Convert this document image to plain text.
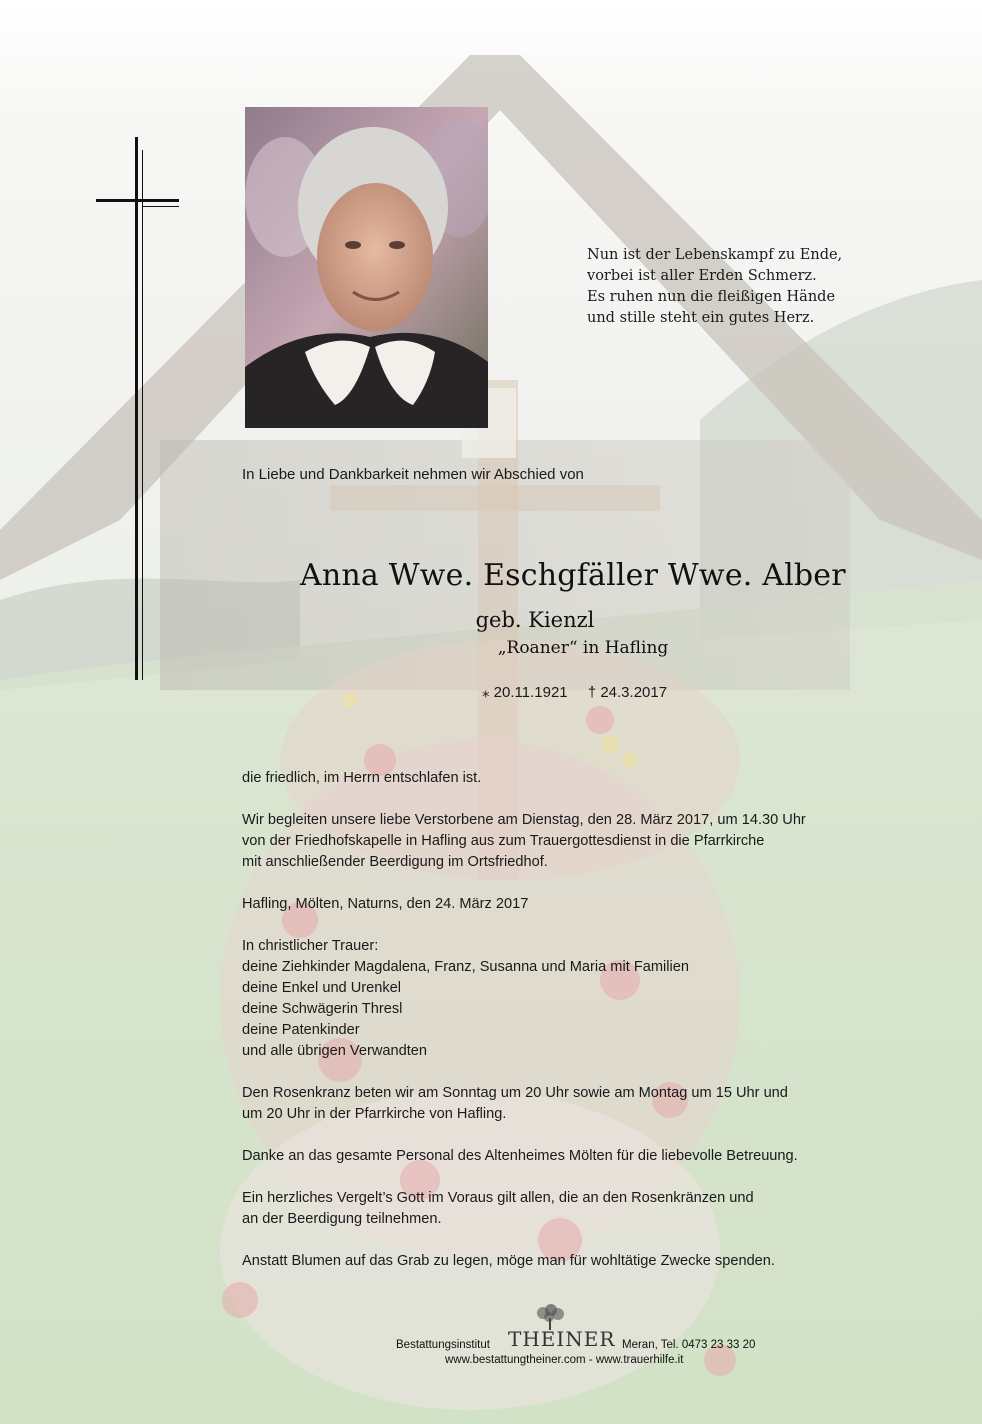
Nun ist der Lebenskampf zu Ende,
vorbei ist aller Erden Schmerz.
Es ruhen nun die fleißigen Hände
und stille steht ein gutes Herz.
In Liebe und Dankbarkeit nehmen wir Abschied von
Anna Wwe. Eschgfäller Wwe. Alber
geb. Kienzl
„Roaner“ in Hafling
⁎ 20.11.1921 † 24.3.2017

die friedlich, im Herrn entschlafen ist.

Wir begleiten unsere liebe Verstorbene am Dienstag, den 28. März 2017, um 14.30 Uhr
von der Friedhofskapelle in Hafling aus zum Trauergottesdienst in die Pfarrkirche
mit anschließender Beerdigung im Ortsfriedhof.

Hafling, Mölten, Naturns, den 24. März 2017

In christlicher Trauer:
deine Ziehkinder Magdalena, Franz, Susanna und Maria mit Familien
deine Enkel und Urenkel
deine Schwägerin Thresl
deine Patenkinder
und alle übrigen Verwandten

Den Rosenkranz beten wir am Sonntag um 20 Uhr sowie am Montag um 15 Uhr und
um 20 Uhr in der Pfarrkirche von Hafling.

Danke an das gesamte Personal des Altenheimes Mölten für die liebevolle Betreuung.

Ein herzliches Vergelt’s Gott im Voraus gilt allen, die an den Rosenkränzen und
an der Beerdigung teilnehmen.

Anstatt Blumen auf das Grab zu legen, möge man für wohltätige Zwecke spenden.

Bestattungsinstitut THEINER Meran, Tel. 0473 23 33 20
www.bestattungtheiner.com - www.trauerhilfe.it
